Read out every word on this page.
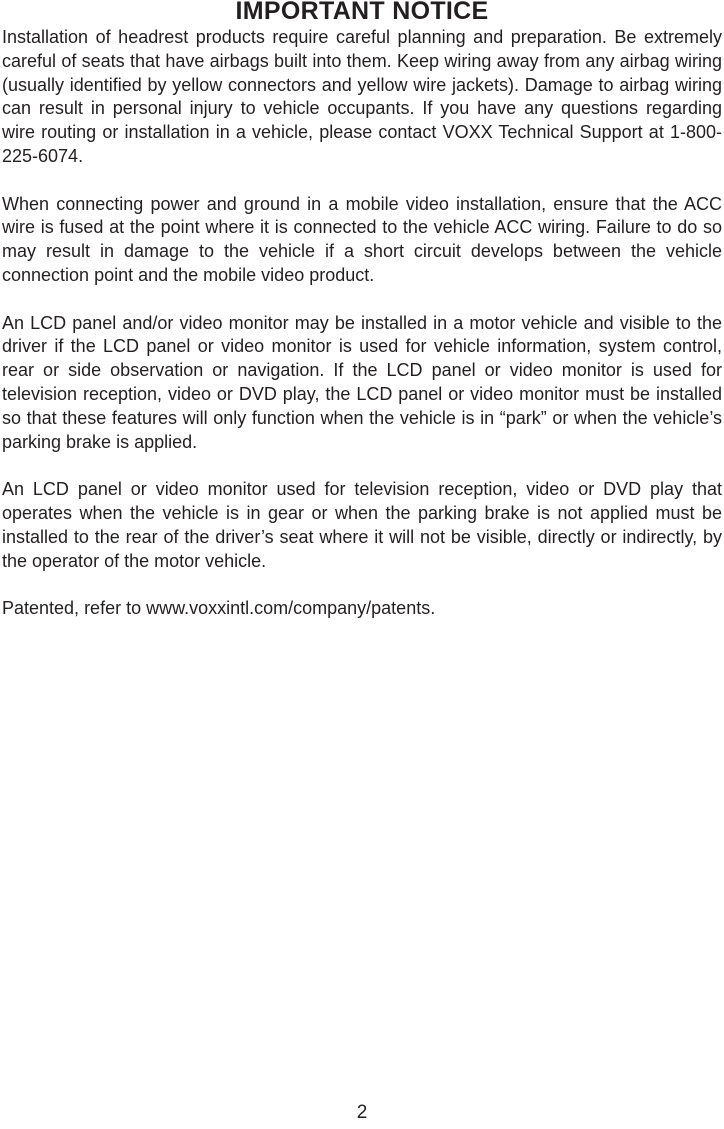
IMPORTANT NOTICE

Installation of headrest products require careful planning and preparation. Be extremely careful of seats that have airbags built into them. Keep wiring away from any airbag wiring (usually identified by yellow connectors and yellow wire jackets). Damage to airbag wiring can result in personal injury to vehicle occupants. If you have any questions regarding wire routing or installation in a vehicle, please contact VOXX Technical Support at 1-800-225-6074.

When connecting power and ground in a mobile video installation, ensure that the ACC wire is fused at the point where it is connected to the vehicle ACC wiring. Failure to do so may result in damage to the vehicle if a short circuit develops between the vehicle connection point and the mobile video product.

An LCD panel and/or video monitor may be installed in a motor vehicle and visible to the driver if the LCD panel or video monitor is used for vehicle information, system control, rear or side observation or navigation. If the LCD panel or video monitor is used for television reception, video or DVD play, the LCD panel or video monitor must be installed so that these features will only function when the vehicle is in “park” or when the vehicle’s parking brake is applied.

An LCD panel or video monitor used for television reception, video or DVD play that operates when the vehicle is in gear or when the parking brake is not applied must be installed to the rear of the driver’s seat where it will not be visible, directly or indirectly, by the operator of the motor vehicle.

Patented, refer to www.voxxintl.com/company/patents.

2
